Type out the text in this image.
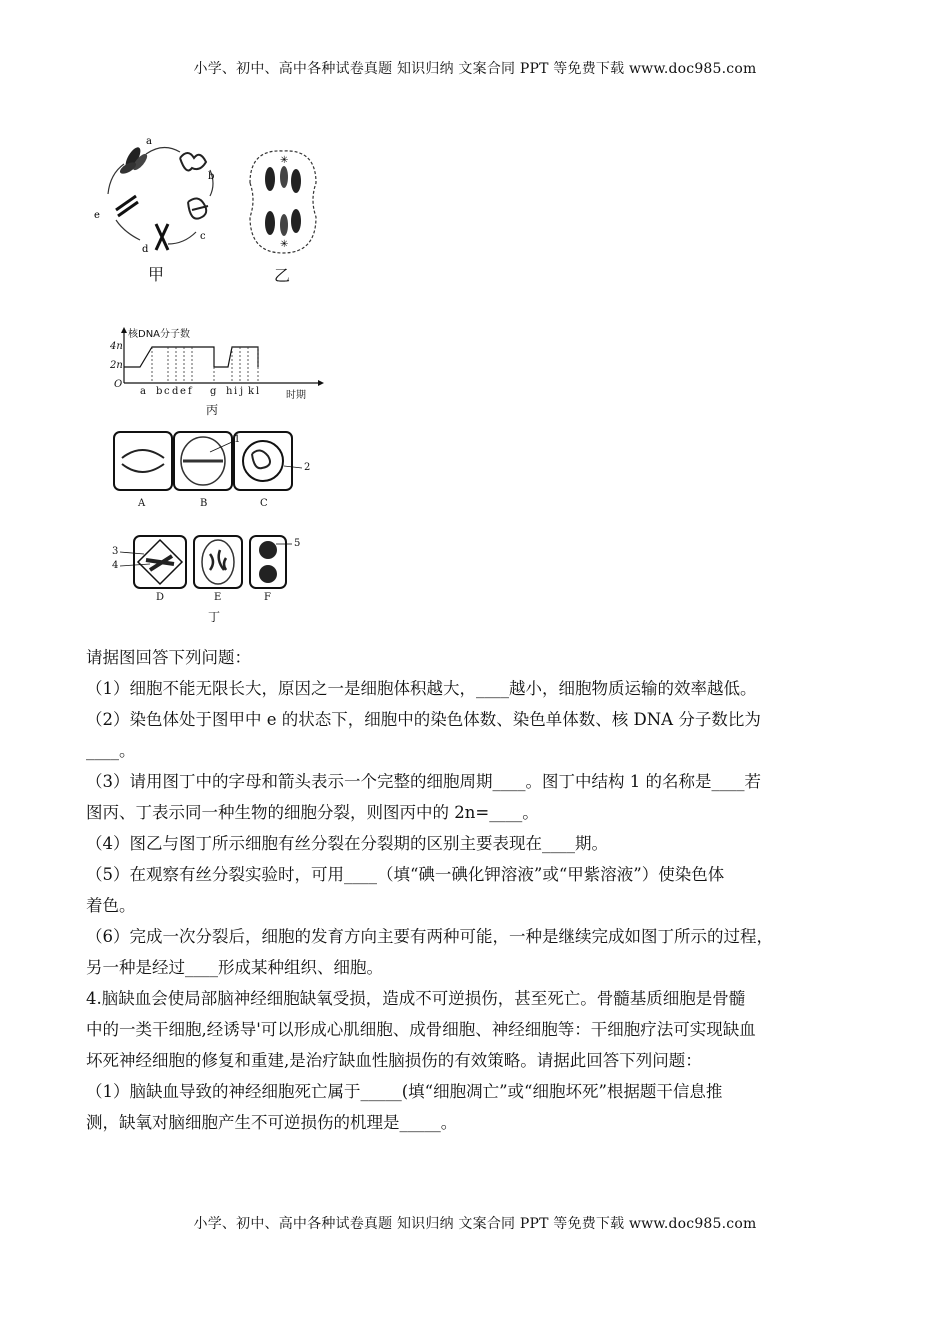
小学、初中、高中各种试卷真题 知识归纳 文案合同 PPT 等免费下载 www.doc985.com
a
b
c
d
e
甲
✳
✳
乙
核DNA分子数
4n
2n
O
a b c d e f g h i j k l	时期
丙
A	B	C
D	E	F
1
2
3
4
5
丁
请据图回答下列问题：
（1）细胞不能无限长大，原因之一是细胞体积越大，____越小，细胞物质运输的效率越低。
（2）染色体处于图甲中 e 的状态下，细胞中的染色体数、染色单体数、核 DNA 分子数比为
____。
（3）请用图丁中的字母和箭头表示一个完整的细胞周期____。图丁中结构 1 的名称是____若
图丙、丁表示同一种生物的细胞分裂，则图丙中的 2n=____。
（4）图乙与图丁所示细胞有丝分裂在分裂期的区别主要表现在____期。
（5）在观察有丝分裂实验时，可用____（填“碘一碘化钾溶液”或“甲紫溶液”）使染色体
着色。
（6）完成一次分裂后，细胞的发育方向主要有两种可能，一种是继续完成如图丁所示的过程，
另一种是经过____形成某种组织、细胞。
4.脑缺血会使局部脑神经细胞缺氧受损，造成不可逆损伤，甚至死亡。骨髓基质细胞是骨髓
中的一类干细胞,经诱导'可以形成心肌细胞、成骨细胞、神经细胞等：干细胞疗法可实现缺血
坏死神经细胞的修复和重建,是治疗缺血性脑损伤的有效策略。请据此回答下列问题：
（1）脑缺血导致的神经细胞死亡属于_____(填“细胞凋亡”或“细胞坏死”根据题干信息推
测，缺氧对脑细胞产生不可逆损伤的机理是_____。
小学、初中、高中各种试卷真题 知识归纳 文案合同 PPT 等免费下载 www.doc985.com
